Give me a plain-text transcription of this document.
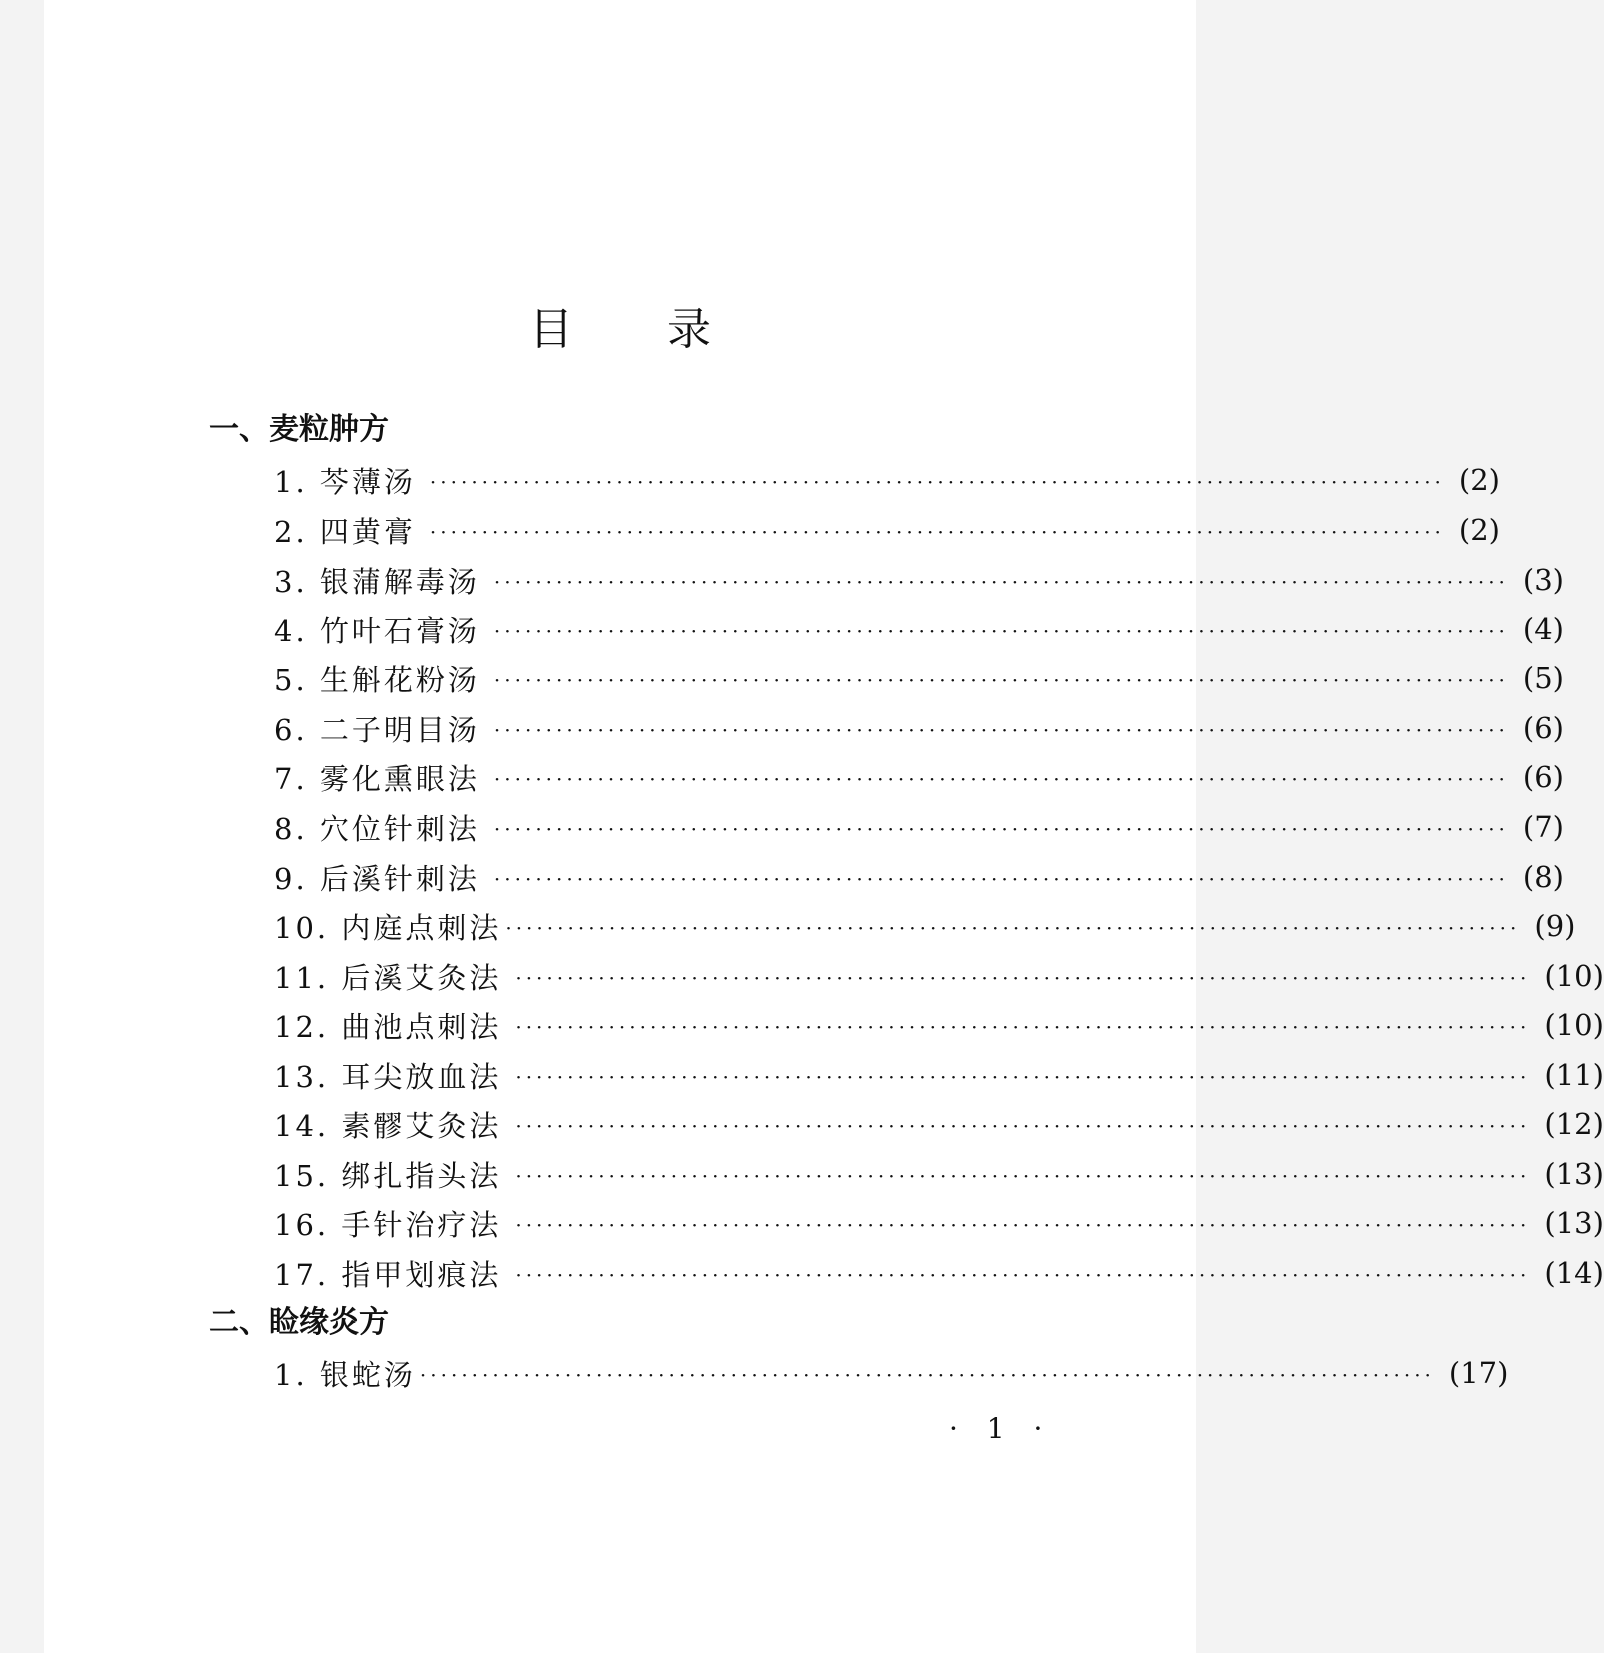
目 录
一、麦粒肿方
1. 芩薄汤 ·································································································· (2)
2. 四黄膏 ·································································································· (2)
3. 银蒲解毒汤 ·································································································· (3)
4. 竹叶石膏汤 ·································································································· (4)
5. 生斛花粉汤 ·································································································· (5)
6. 二子明目汤 ·································································································· (6)
7. 雾化熏眼法 ·································································································· (6)
8. 穴位针刺法 ·································································································· (7)
9. 后溪针刺法 ·································································································· (8)
10. 内庭点刺法 ·································································································· (9)
11. 后溪艾灸法 ·································································································· (10)
12. 曲池点刺法 ·································································································· (10)
13. 耳尖放血法 ·································································································· (11)
14. 素髎艾灸法 ·································································································· (12)
15. 绑扎指头法 ·································································································· (13)
16. 手针治疗法 ·································································································· (13)
17. 指甲划痕法 ·································································································· (14)
二、睑缘炎方
1. 银蛇汤 ·································································································· (17)
· 1 ·
